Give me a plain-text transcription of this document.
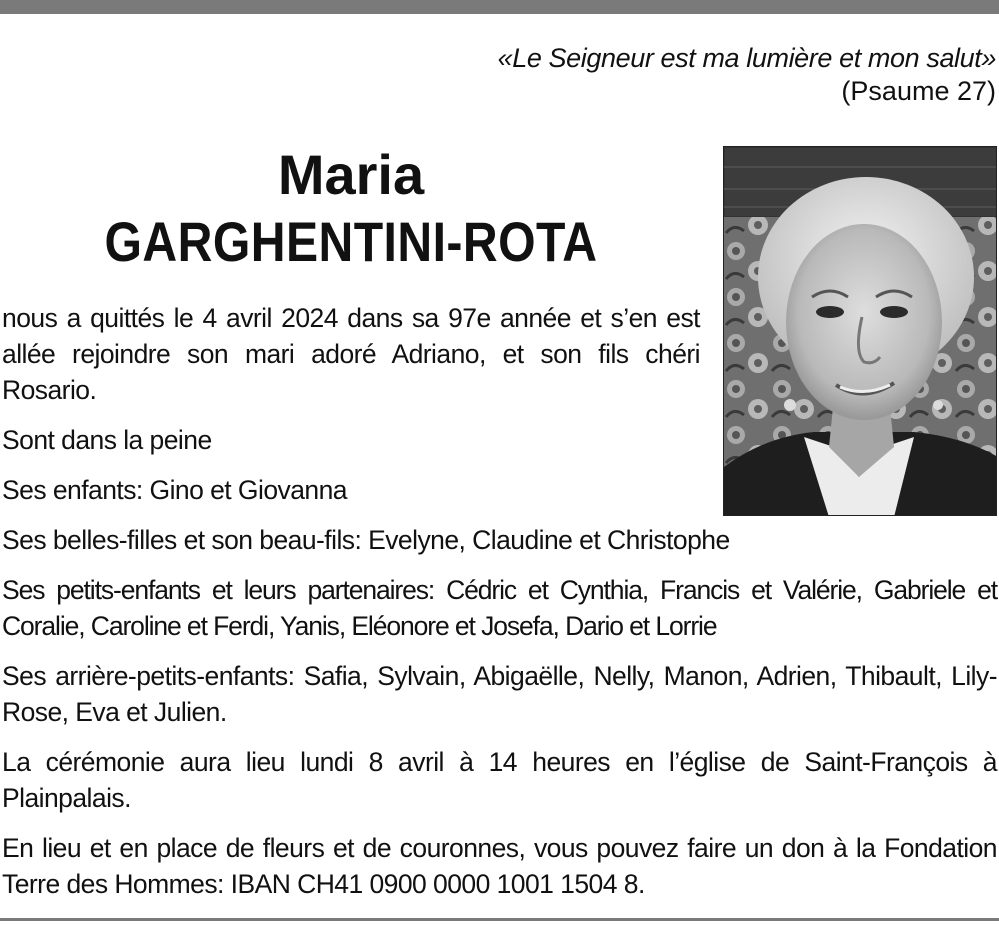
«Le Seigneur est ma lumière et mon salut»
(Psaume 27)
Maria
GARGHENTINI-ROTA

nous a quittés le 4 avril 2024 dans sa 97e année et s’en est allée rejoindre son mari adoré Adriano, et son fils chéri Rosario.

Sont dans la peine

Ses enfants: Gino et Giovanna

Ses belles-filles et son beau-fils: Evelyne, Claudine et Christophe

Ses petits-enfants et leurs partenaires: Cédric et Cynthia, Francis et Valérie, Gabriele et Coralie, Caroline et Ferdi, Yanis, Eléonore et Josefa, Dario et Lorrie

Ses arrière-petits-enfants: Safia, Sylvain, Abigaëlle, Nelly, Manon, Adrien, Thibault, Lily-Rose, Eva et Julien.

La cérémonie aura lieu lundi 8 avril à 14 heures en l’église de Saint-François à Plainpalais.

En lieu et en place de fleurs et de couronnes, vous pouvez faire un don à la Fondation Terre des Hommes: IBAN CH41 0900 0000 1001 1504 8.
